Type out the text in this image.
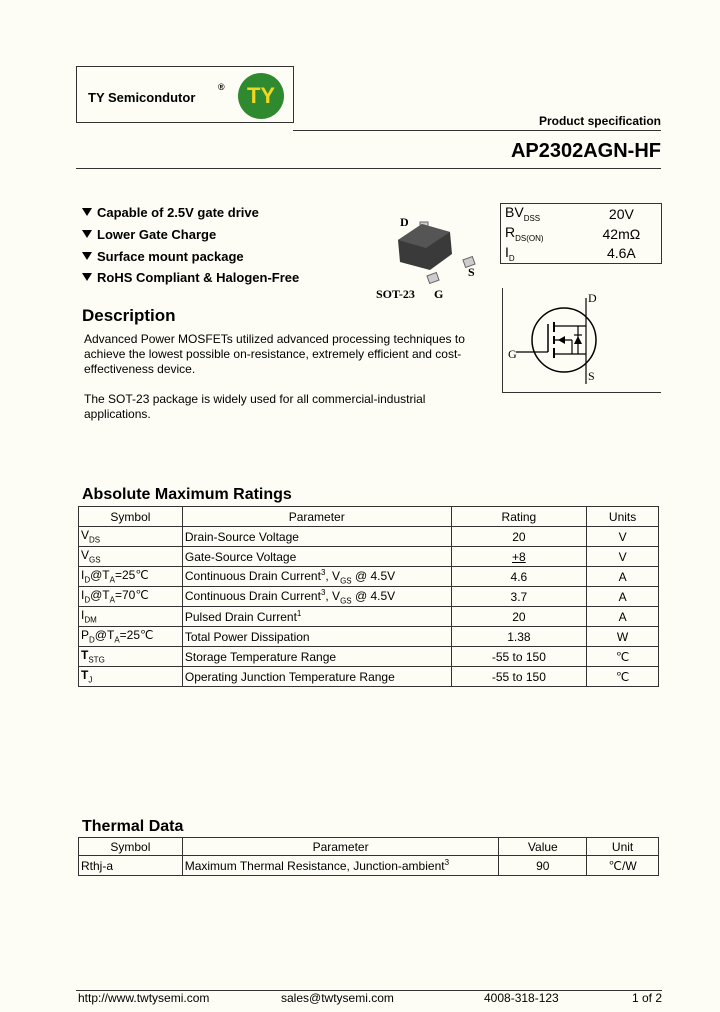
TY Semicondutor
®	TY
Product specification
AP2302AGN-HF
Capable of 2.5V gate drive
Lower Gate Charge
Surface mount package
RoHS Compliant & Halogen-Free
D
S
SOT-23 G
$BV_{DSS}$	20V
$R_{DS(ON)}$	42mΩ
$I_D$	4.6A
D
G
S
Description
Advanced Power MOSFETs utilized advanced processing techniques to achieve the lowest possible on-resistance, extremely efficient and cost-effectiveness device.
The SOT-23 package is widely used for all commercial-industrial applications.
Absolute Maximum Ratings
Symbol	Parameter	Rating	Units
$V_{DS}$	Drain-Source Voltage	20	V
$V_{GS}$	Gate-Source Voltage	+8	V
$I_D@T_A=25℃$	Continuous Drain Current$^3$, $V_{GS}$ @ 4.5V	4.6	A
$I_D@T_A=70℃$	Continuous Drain Current$^3$, $V_{GS}$ @ 4.5V	3.7	A
$I_{DM}$	Pulsed Drain Current$^1$	20	A
$P_D@T_A=25℃$	Total Power Dissipation	1.38	W
$T_{STG}$	Storage Temperature Range	-55 to 150	℃
$T_J$	Operating Junction Temperature Range	-55 to 150	℃
Thermal Data
Symbol	Parameter	Value	Unit
Rthj-a	Maximum Thermal Resistance, Junction-ambient$^3$	90	℃/W
http://www.twtysemi.com	sales@twtysemi.com	4008-318-123	1 of 2
